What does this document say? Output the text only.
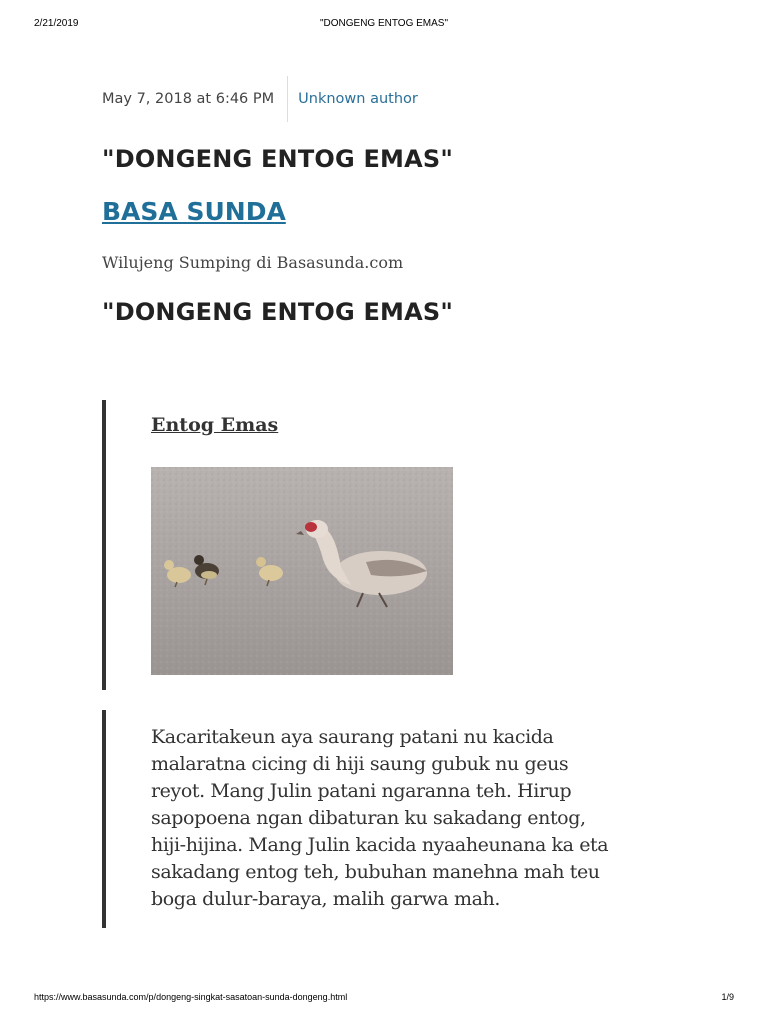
2/21/2019	"DONGENG ENTOG EMAS"
May 7, 2018 at 6:46 PM	Unknown author
"DONGENG ENTOG EMAS"
BASA SUNDA
Wilujeng Sumping di Basasunda.com
"DONGENG ENTOG EMAS"
Entog Emas

Kacaritakeun aya saurang patani nu kacida malaratna cicing di hiji saung gubuk nu geus reyot. Mang Julin patani ngaranna teh. Hirup sapopoena ngan dibaturan ku sakadang entog, hiji-hijina. Mang Julin kacida nyaaheunana ka eta sakadang entog teh, bubuhan manehna mah teu boga dulur-baraya, malih garwa mah.

https://www.basasunda.com/p/dongeng-singkat-sasatoan-sunda-dongeng.html	1/9
